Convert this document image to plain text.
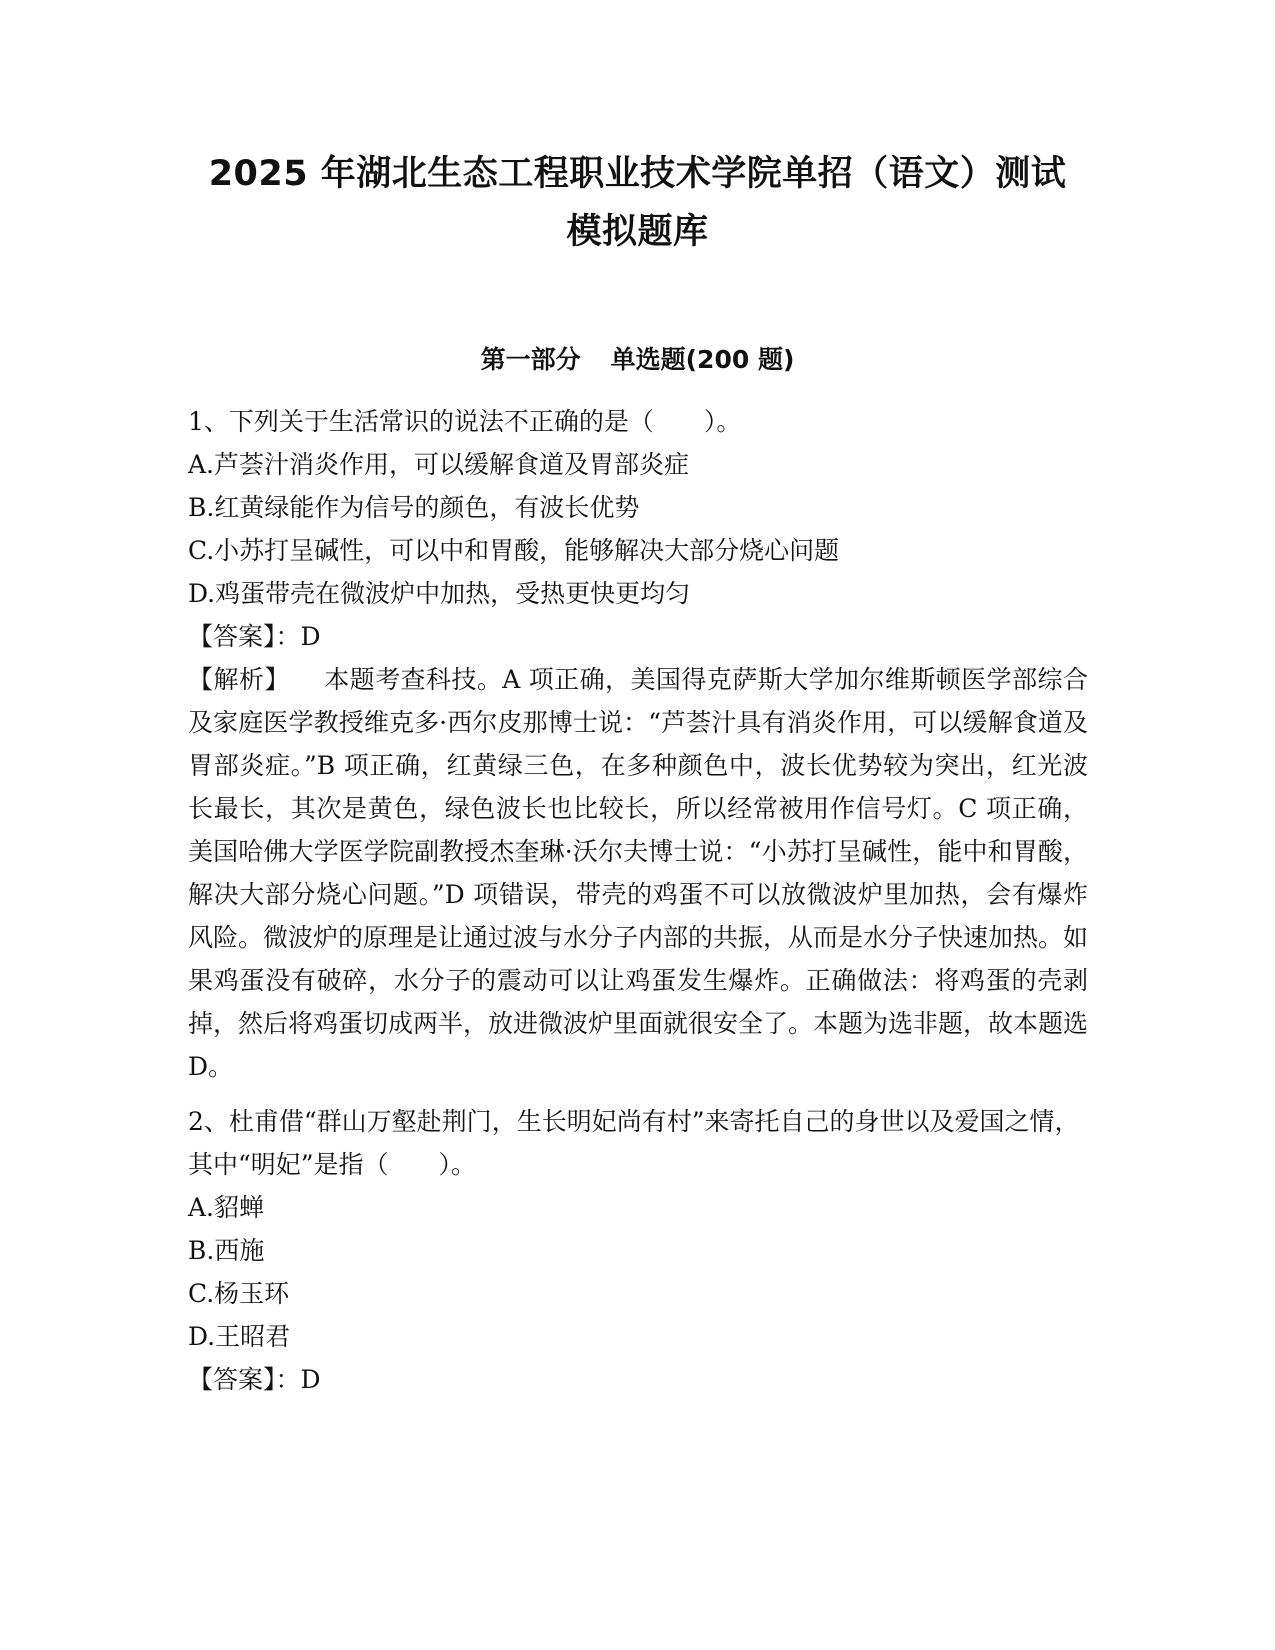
2025 年湖北生态工程职业技术学院单招（语文）测试
模拟题库
第一部分 单选题(200 题)

1、下列关于生活常识的说法不正确的是（　　）。

A.芦荟汁消炎作用，可以缓解食道及胃部炎症

B.红黄绿能作为信号的颜色，有波长优势

C.小苏打呈碱性，可以中和胃酸，能够解决大部分烧心问题

D.鸡蛋带壳在微波炉中加热，受热更快更均匀

【答案】：D

【解析】 本题考查科技。A 项正确，美国得克萨斯大学加尔维斯顿医学部综合及家庭医学教授维克多·西尔皮那博士说：“芦荟汁具有消炎作用，可以缓解食道及胃部炎症。”B 项正确，红黄绿三色，在多种颜色中，波长优势较为突出，红光波长最长，其次是黄色，绿色波长也比较长，所以经常被用作信号灯。C 项正确，美国哈佛大学医学院副教授杰奎琳·沃尔夫博士说：“小苏打呈碱性，能中和胃酸，解决大部分烧心问题。”D 项错误，带壳的鸡蛋不可以放微波炉里加热，会有爆炸风险。微波炉的原理是让通过波与水分子内部的共振，从而是水分子快速加热。如果鸡蛋没有破碎，水分子的震动可以让鸡蛋发生爆炸。正确做法：将鸡蛋的壳剥掉，然后将鸡蛋切成两半，放进微波炉里面就很安全了。本题为选非题，故本题选 D。

2、杜甫借“群山万壑赴荆门，生长明妃尚有村”来寄托自己的身世以及爱国之情，其中“明妃”是指（　　）。

A.貂蝉

B.西施

C.杨玉环

D.王昭君

【答案】：D
